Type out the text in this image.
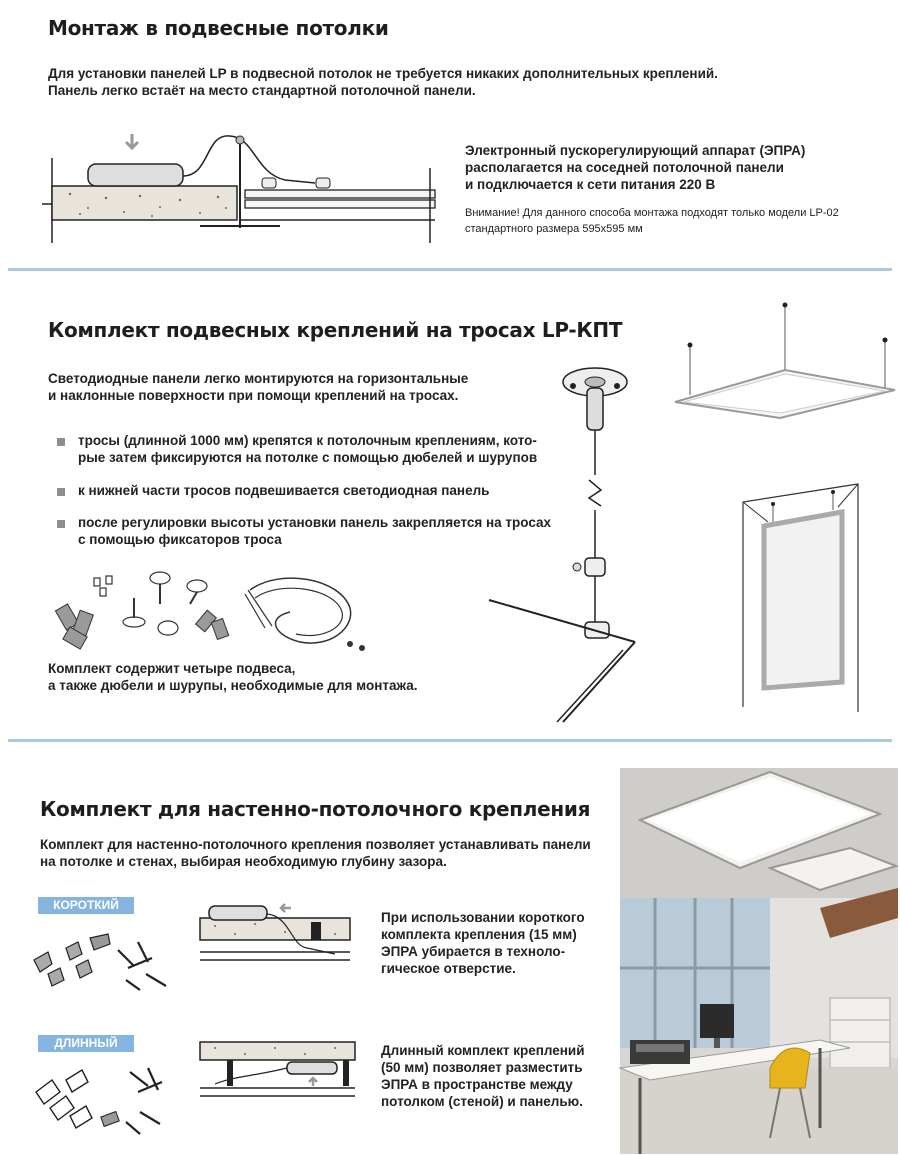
Монтаж в подвесные потолки

Для установки панелей LP в подвесной потолок не требуется никаких дополнительных креплений.

Панель легко встаёт на место стандартной потолочной панели.

Электронный пускорегулирующий аппарат (ЭПРА)

располагается на соседней потолочной панели

и подключается к сети питания 220 В

Внимание! Для данного способа монтажа подходят только модели LP-02

стандартного размера 595х595 мм

Комплект подвесных креплений на тросах LP-КПТ

Светодиодные панели легко монтируются на горизонтальные

и наклонные поверхности при помощи креплений на тросах.

тросы (длинной 1000 мм) крепятся к потолочным креплениям, кото-

рые затем фиксируются на потолке с помощью дюбелей и шурупов

к нижней части тросов подвешивается светодиодная панель

после регулировки высоты установки панель закрепляется на тросах

с помощью фиксаторов троса

Комплект содержит четыре подвеса,

а также дюбели и шурупы, необходимые для монтажа.

Комплект для настенно-потолочного крепления

Комплект для настенно-потолочного крепления позволяет устанавливать панели

на потолке и стенах, выбирая необходимую глубину зазора.

КОРОТКИЙ

При использовании короткого

комплекта крепления (15 мм)

ЭПРА убирается в техноло-

гическое отверстие.

ДЛИННЫЙ	Длинный комплект креплений

(50 мм) позволяет разместить

ЭПРА в пространстве между

потолком (стеной) и панелью.
